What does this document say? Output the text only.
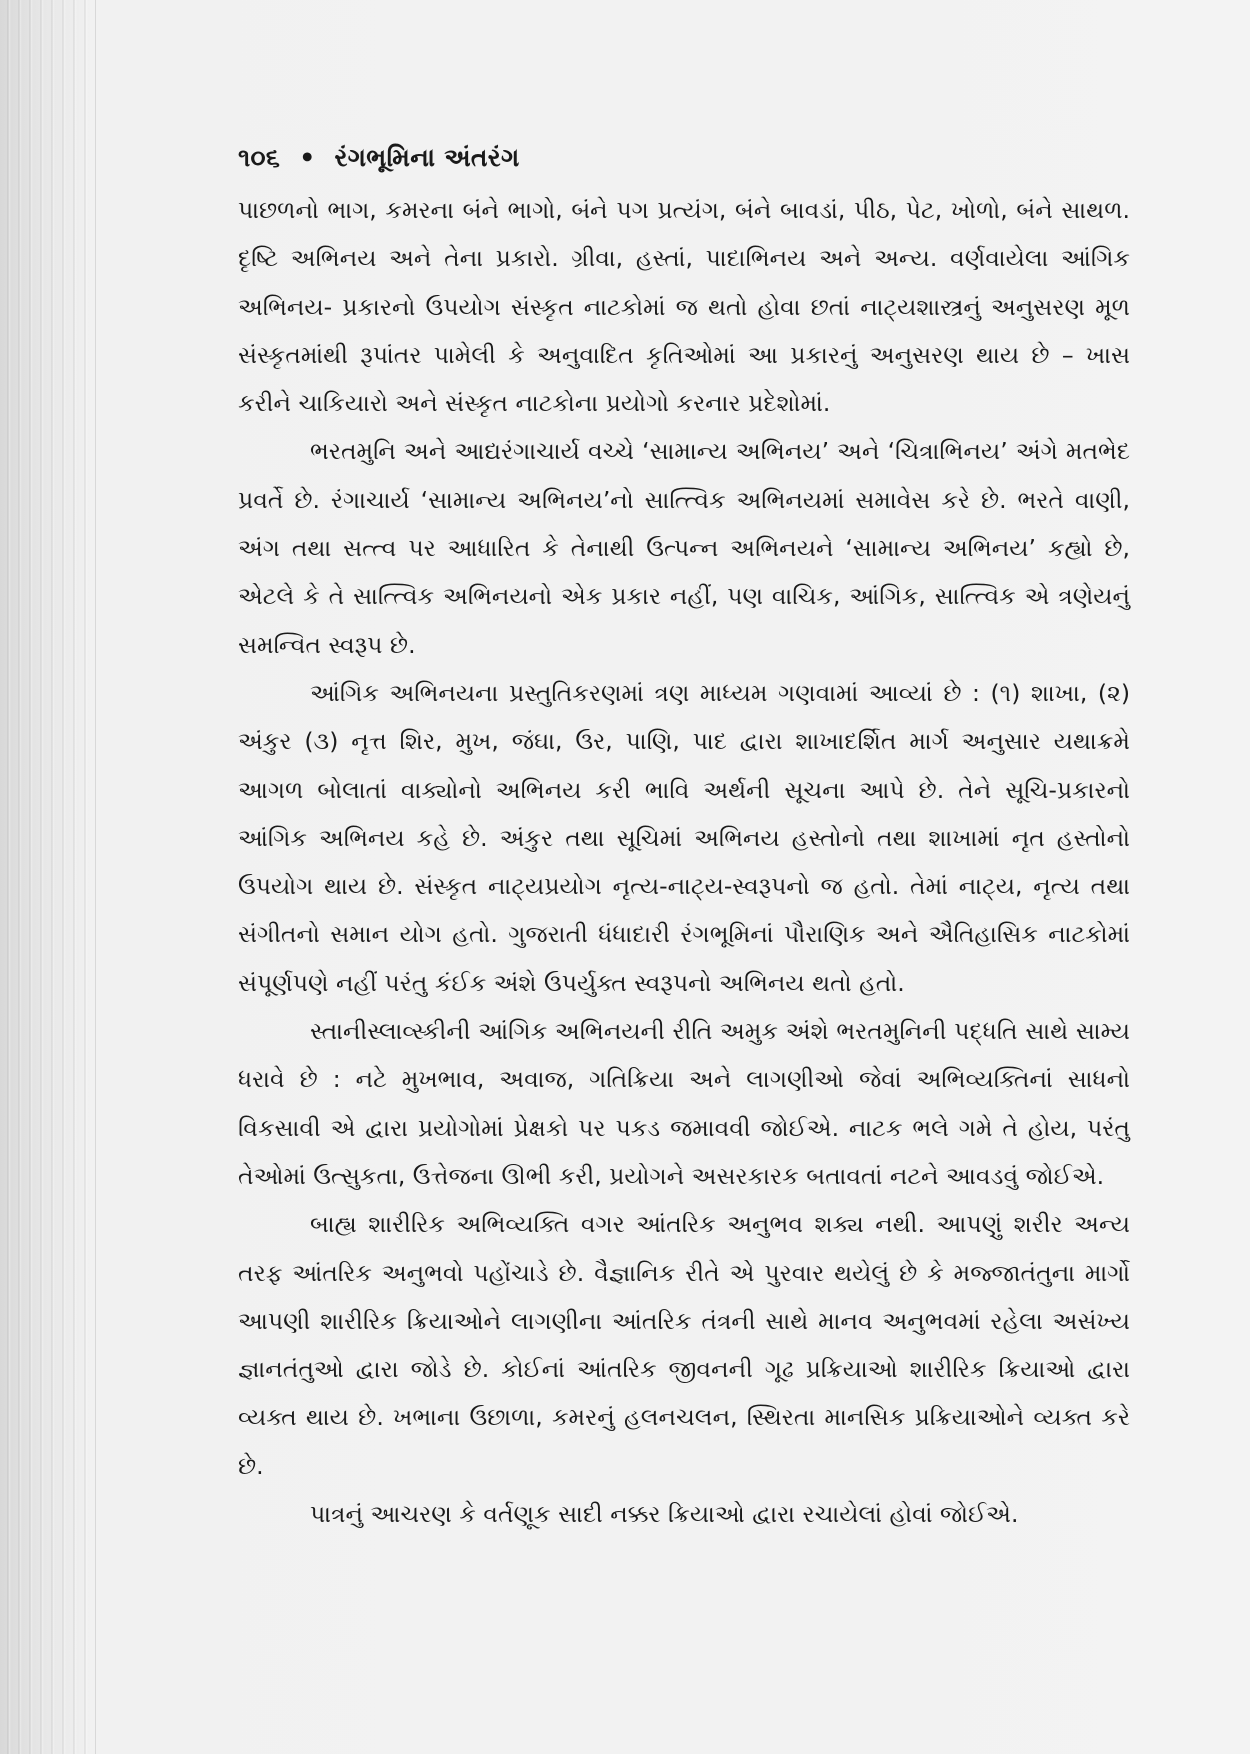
૧૦૬ • રંગભૂમિના અંતરંગ

પાછળનો ભાગ, કમરના બંને ભાગો, બંને પગ પ્રત્યંગ, બંને બાવડાં, પીઠ, પેટ, ખોળો, બંને સાથળ. દૃષ્ટિ અભિનય અને તેના પ્રકારો. ગ્રીવા, હસ્તાં, પાદાભિનય અને અન્ય. વર્ણવાયેલા આંગિક અભિનય- પ્રકારનો ઉપયોગ સંસ્કૃત નાટકોમાં જ થતો હોવા છતાં નાટ્યશાસ્ત્રનું અનુસરણ મૂળ સંસ્કૃતમાંથી રૂપાંતર પામેલી કે અનુવાદિત કૃતિઓમાં આ પ્રકારનું અનુસરણ થાય છે – ખાસ કરીને ચાકિયારો અને સંસ્કૃત નાટકોના પ્રયોગો કરનાર પ્રદેશોમાં.

ભરતમુનિ અને આદ્યરંગાચાર્ય વચ્ચે ‘સામાન્ય અભિનય’ અને ‘ચિત્રાભિનય’ અંગે મતભેદ પ્રવર્તે છે. રંગાચાર્ય ‘સામાન્ય અભિનય’નો સાત્ત્વિક અભિનયમાં સમાવેસ કરે છે. ભરતે વાણી, અંગ તથા સત્ત્વ પર આધારિત કે તેનાથી ઉત્પન્ન અભિનયને ‘સામાન્ય અભિનય’ કહ્યો છે, એટલે કે તે સાત્ત્વિક અભિનયનો એક પ્રકાર નહીં, પણ વાચિક, આંગિક, સાત્ત્વિક એ ત્રણેયનું સમન્વિત સ્વરૂપ છે.

આંગિક અભિનયના પ્રસ્તુતિકરણમાં ત્રણ માધ્યમ ગણવામાં આવ્યાં છે : (૧) શાખા, (૨) અંકુર (૩) નૃત્ત શિર, મુખ, જંઘા, ઉર, પાણિ, પાદ દ્વારા શાખાદર્શિત માર્ગ અનુસાર યથાક્રમે આગળ બોલાતાં વાક્યોનો અભિનય કરી ભાવિ અર્થની સૂચના આપે છે. તેને સૂચિ-પ્રકારનો આંગિક અભિનય કહે છે. અંકુર તથા સૂચિમાં અભિનય હસ્તોનો તથા શાખામાં નૃત હસ્તોનો ઉપયોગ થાય છે. સંસ્કૃત નાટ્યપ્રયોગ નૃત્ય-નાટ્ય-સ્વરૂપનો જ હતો. તેમાં નાટ્ય, નૃત્ય તથા સંગીતનો સમાન યોગ હતો. ગુજરાતી ધંધાદારી રંગભૂમિનાં પૌરાણિક અને ઐતિહાસિક નાટકોમાં સંપૂર્ણપણે નહીં પરંતુ કંઈક અંશે ઉપર્યુક્ત સ્વરૂપનો અભિનય થતો હતો.

સ્તાનીસ્લાવ્સ્કીની આંગિક અભિનયની રીતિ અમુક અંશે ભરતમુનિની પદ્ધતિ સાથે સામ્ય ધરાવે છે : નટે મુખભાવ, અવાજ, ગતિક્રિયા અને લાગણીઓ જેવાં અભિવ્યક્તિનાં સાધનો વિકસાવી એ દ્વારા પ્રયોગોમાં પ્રેક્ષકો પર પકડ જમાવવી જોઈએ. નાટક ભલે ગમે તે હોય, પરંતુ તેઓમાં ઉત્સુકતા, ઉત્તેજના ઊભી કરી, પ્રયોગને અસરકારક બતાવતાં નટને આવડવું જોઈએ.

બાહ્ય શારીરિક અભિવ્યક્તિ વગર આંતરિક અનુભવ શક્ય નથી. આપણું શરીર અન્ય તરફ આંતરિક અનુભવો પહોંચાડે છે. વૈજ્ઞાનિક રીતે એ પુરવાર થયેલું છે કે મજ્જાતંતુના માર્ગો આપણી શારીરિક ક્રિયાઓને લાગણીના આંતરિક તંત્રની સાથે માનવ અનુભવમાં રહેલા અસંખ્ય જ્ઞાનતંતુઓ દ્વારા જોડે છે. કોઈનાં આંતરિક જીવનની ગૂઢ પ્રક્રિયાઓ શારીરિક ક્રિયાઓ દ્વારા વ્યક્ત થાય છે. ખભાના ઉછાળા, કમરનું હલનચલન, સ્થિરતા માનસિક પ્રક્રિયાઓને વ્યક્ત કરે છે.

પાત્રનું આચરણ કે વર્તણૂક સાદી નક્કર ક્રિયાઓ દ્વારા રચાયેલાં હોવાં જોઈએ.
